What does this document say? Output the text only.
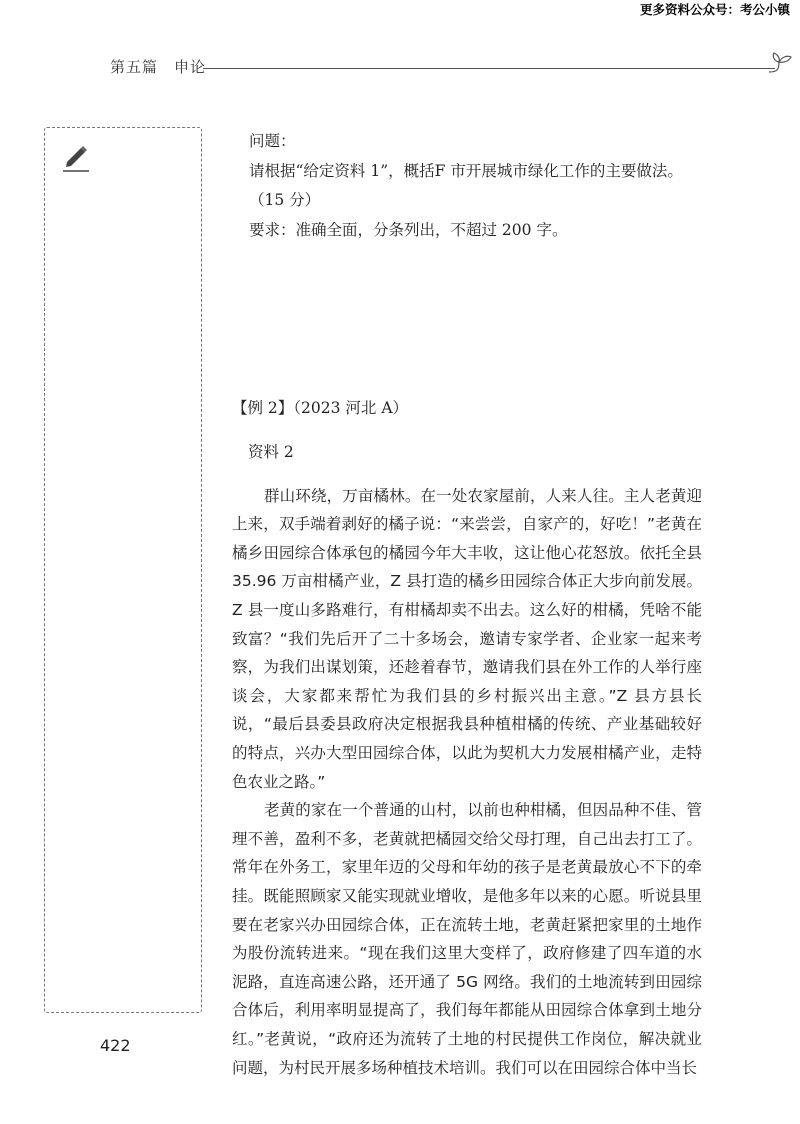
更多资料公众号：考公小镇
第五篇　申论

问题：

请根据“给定资料 1”，概括F 市开展城市绿化工作的主要做法。

（15 分）

要求：准确全面，分条列出，不超过 200 字。

【例 2】（2023 河北 A）

资料 2

群山环绕，万亩橘林。在一处农家屋前，人来人往。主人老黄迎上来，双手端着剥好的橘子说：“来尝尝，自家产的，好吃！”老黄在橘乡田园综合体承包的橘园今年大丰收，这让他心花怒放。依托全县 35.96 万亩柑橘产业，Z 县打造的橘乡田园综合体正大步向前发展。Z 县一度山多路难行，有柑橘却卖不出去。这么好的柑橘，凭啥不能致富？“我们先后开了二十多场会，邀请专家学者、企业家一起来考察，为我们出谋划策，还趁着春节，邀请我们县在外工作的人举行座谈会，大家都来帮忙为我们县的乡村振兴出主意。”Z 县方县长说，“最后县委县政府决定根据我县种植柑橘的传统、产业基础较好的特点，兴办大型田园综合体，以此为契机大力发展柑橘产业，走特色农业之路。”

老黄的家在一个普通的山村，以前也种柑橘，但因品种不佳、管理不善，盈利不多，老黄就把橘园交给父母打理，自己出去打工了。常年在外务工，家里年迈的父母和年幼的孩子是老黄最放心不下的牵挂。既能照顾家又能实现就业增收，是他多年以来的心愿。听说县里要在老家兴办田园综合体，正在流转土地，老黄赶紧把家里的土地作为股份流转进来。“现在我们这里大变样了，政府修建了四车道的水泥路，直连高速公路，还开通了 5G 网络。我们的土地流转到田园综合体后，利用率明显提高了，我们每年都能从田园综合体拿到土地分红。”老黄说，“政府还为流转了土地的村民提供工作岗位，解决就业问题，为村民开展多场种植技术培训。我们可以在田园综合体中当长

422
